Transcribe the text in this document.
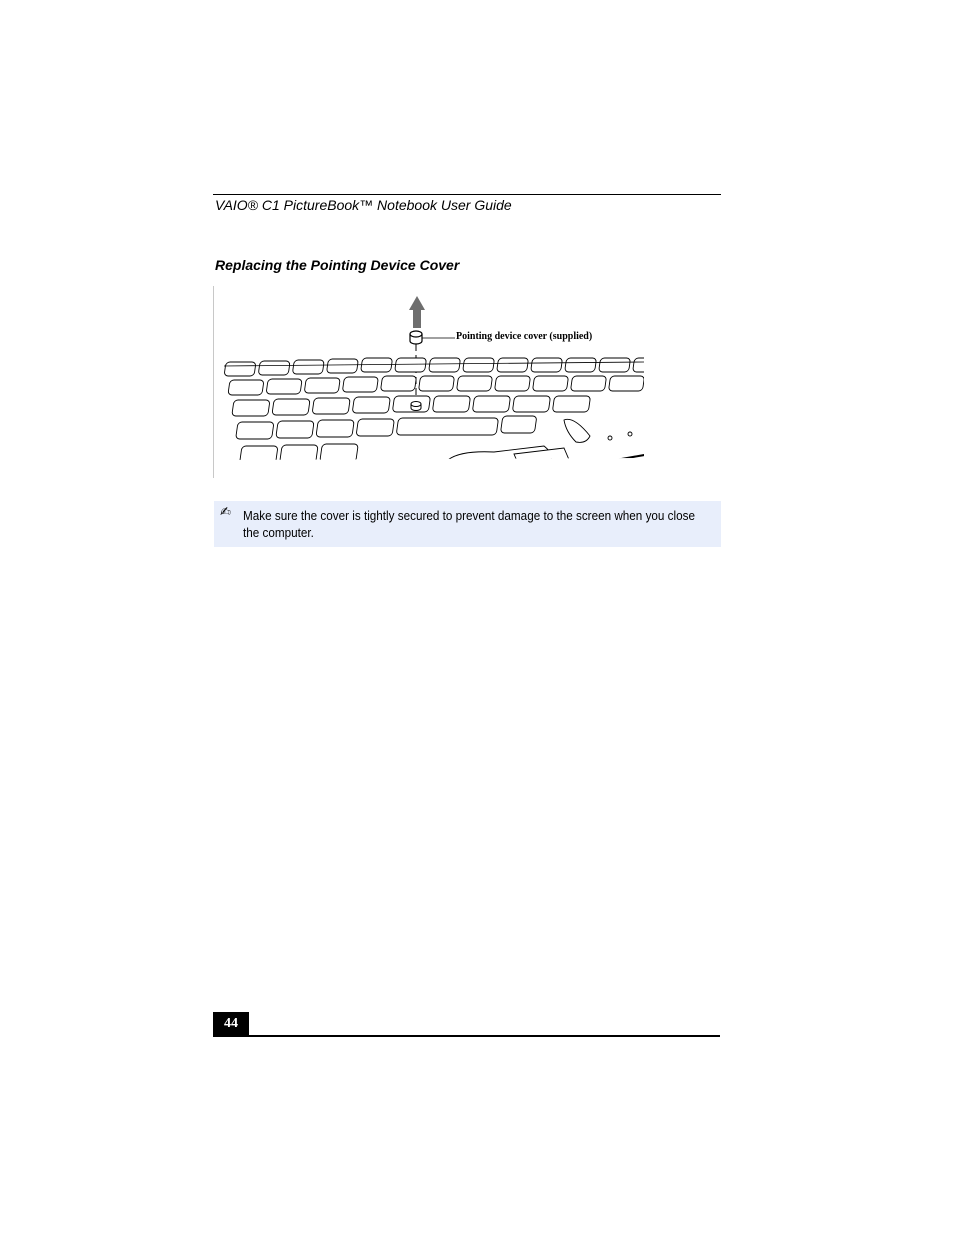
VAIO® C1 PictureBook™ Notebook User Guide
Replacing the Pointing Device Cover
Pointing device cover (supplied)
✍ Make sure the cover is tightly secured to prevent damage to the screen when you close the computer.
44
